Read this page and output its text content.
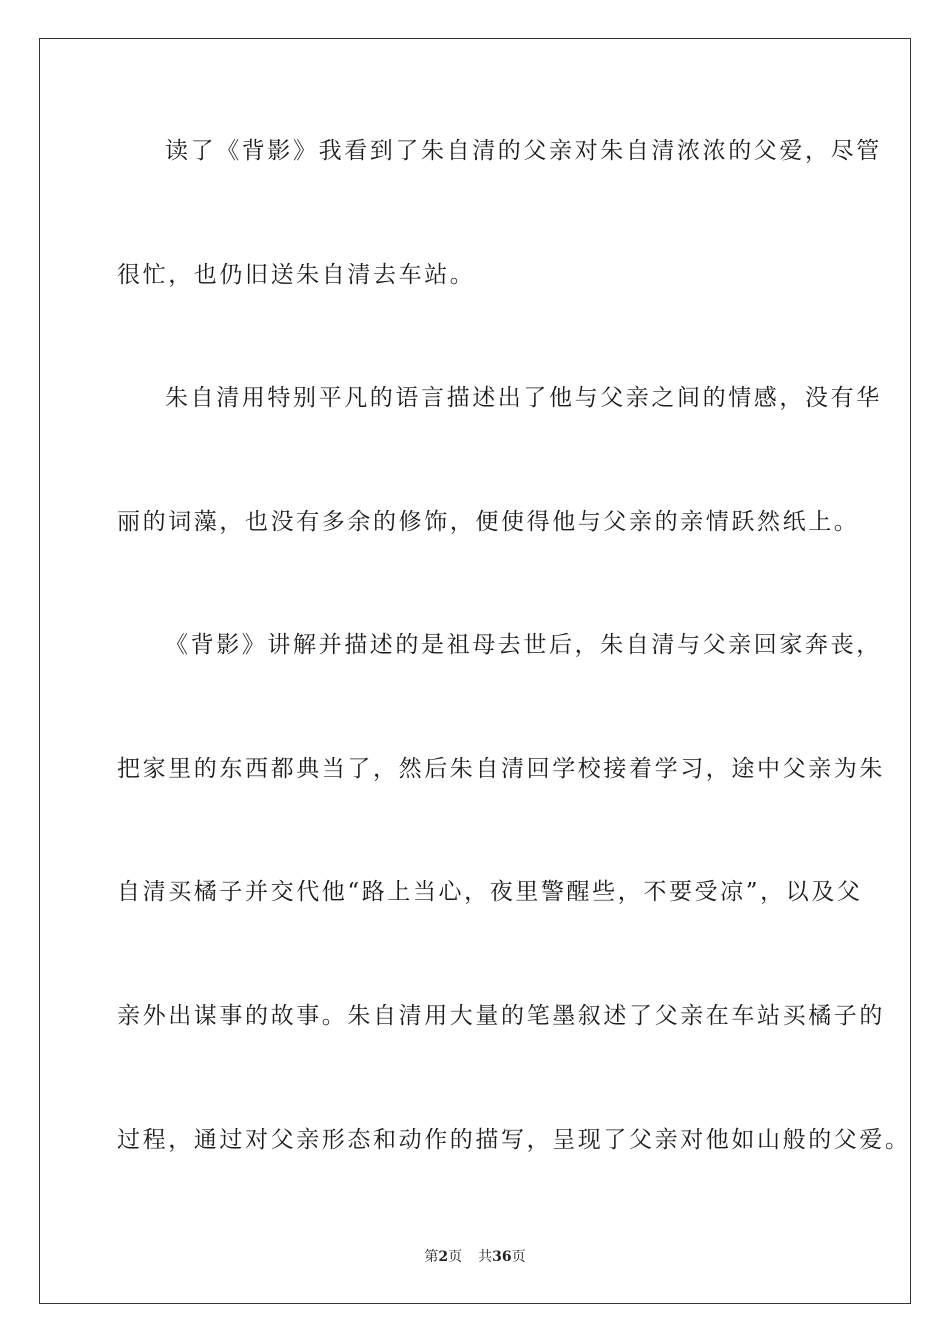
读了《背影》我看到了朱自清的父亲对朱自清浓浓的父爱，尽管
很忙，也仍旧送朱自清去车站。
朱自清用特别平凡的语言描述出了他与父亲之间的情感，没有华
丽的词藻，也没有多余的修饰，便使得他与父亲的亲情跃然纸上。
《背影》讲解并描述的是祖母去世后，朱自清与父亲回家奔丧，
把家里的东西都典当了，然后朱自清回学校接着学习，途中父亲为朱
自清买橘子并交代他“路上当心，夜里警醒些，不要受凉”，以及父
亲外出谋事的故事。朱自清用大量的笔墨叙述了父亲在车站买橘子的
过程，通过对父亲形态和动作的描写，呈现了父亲对他如山般的父爱。
第2页 共36页
